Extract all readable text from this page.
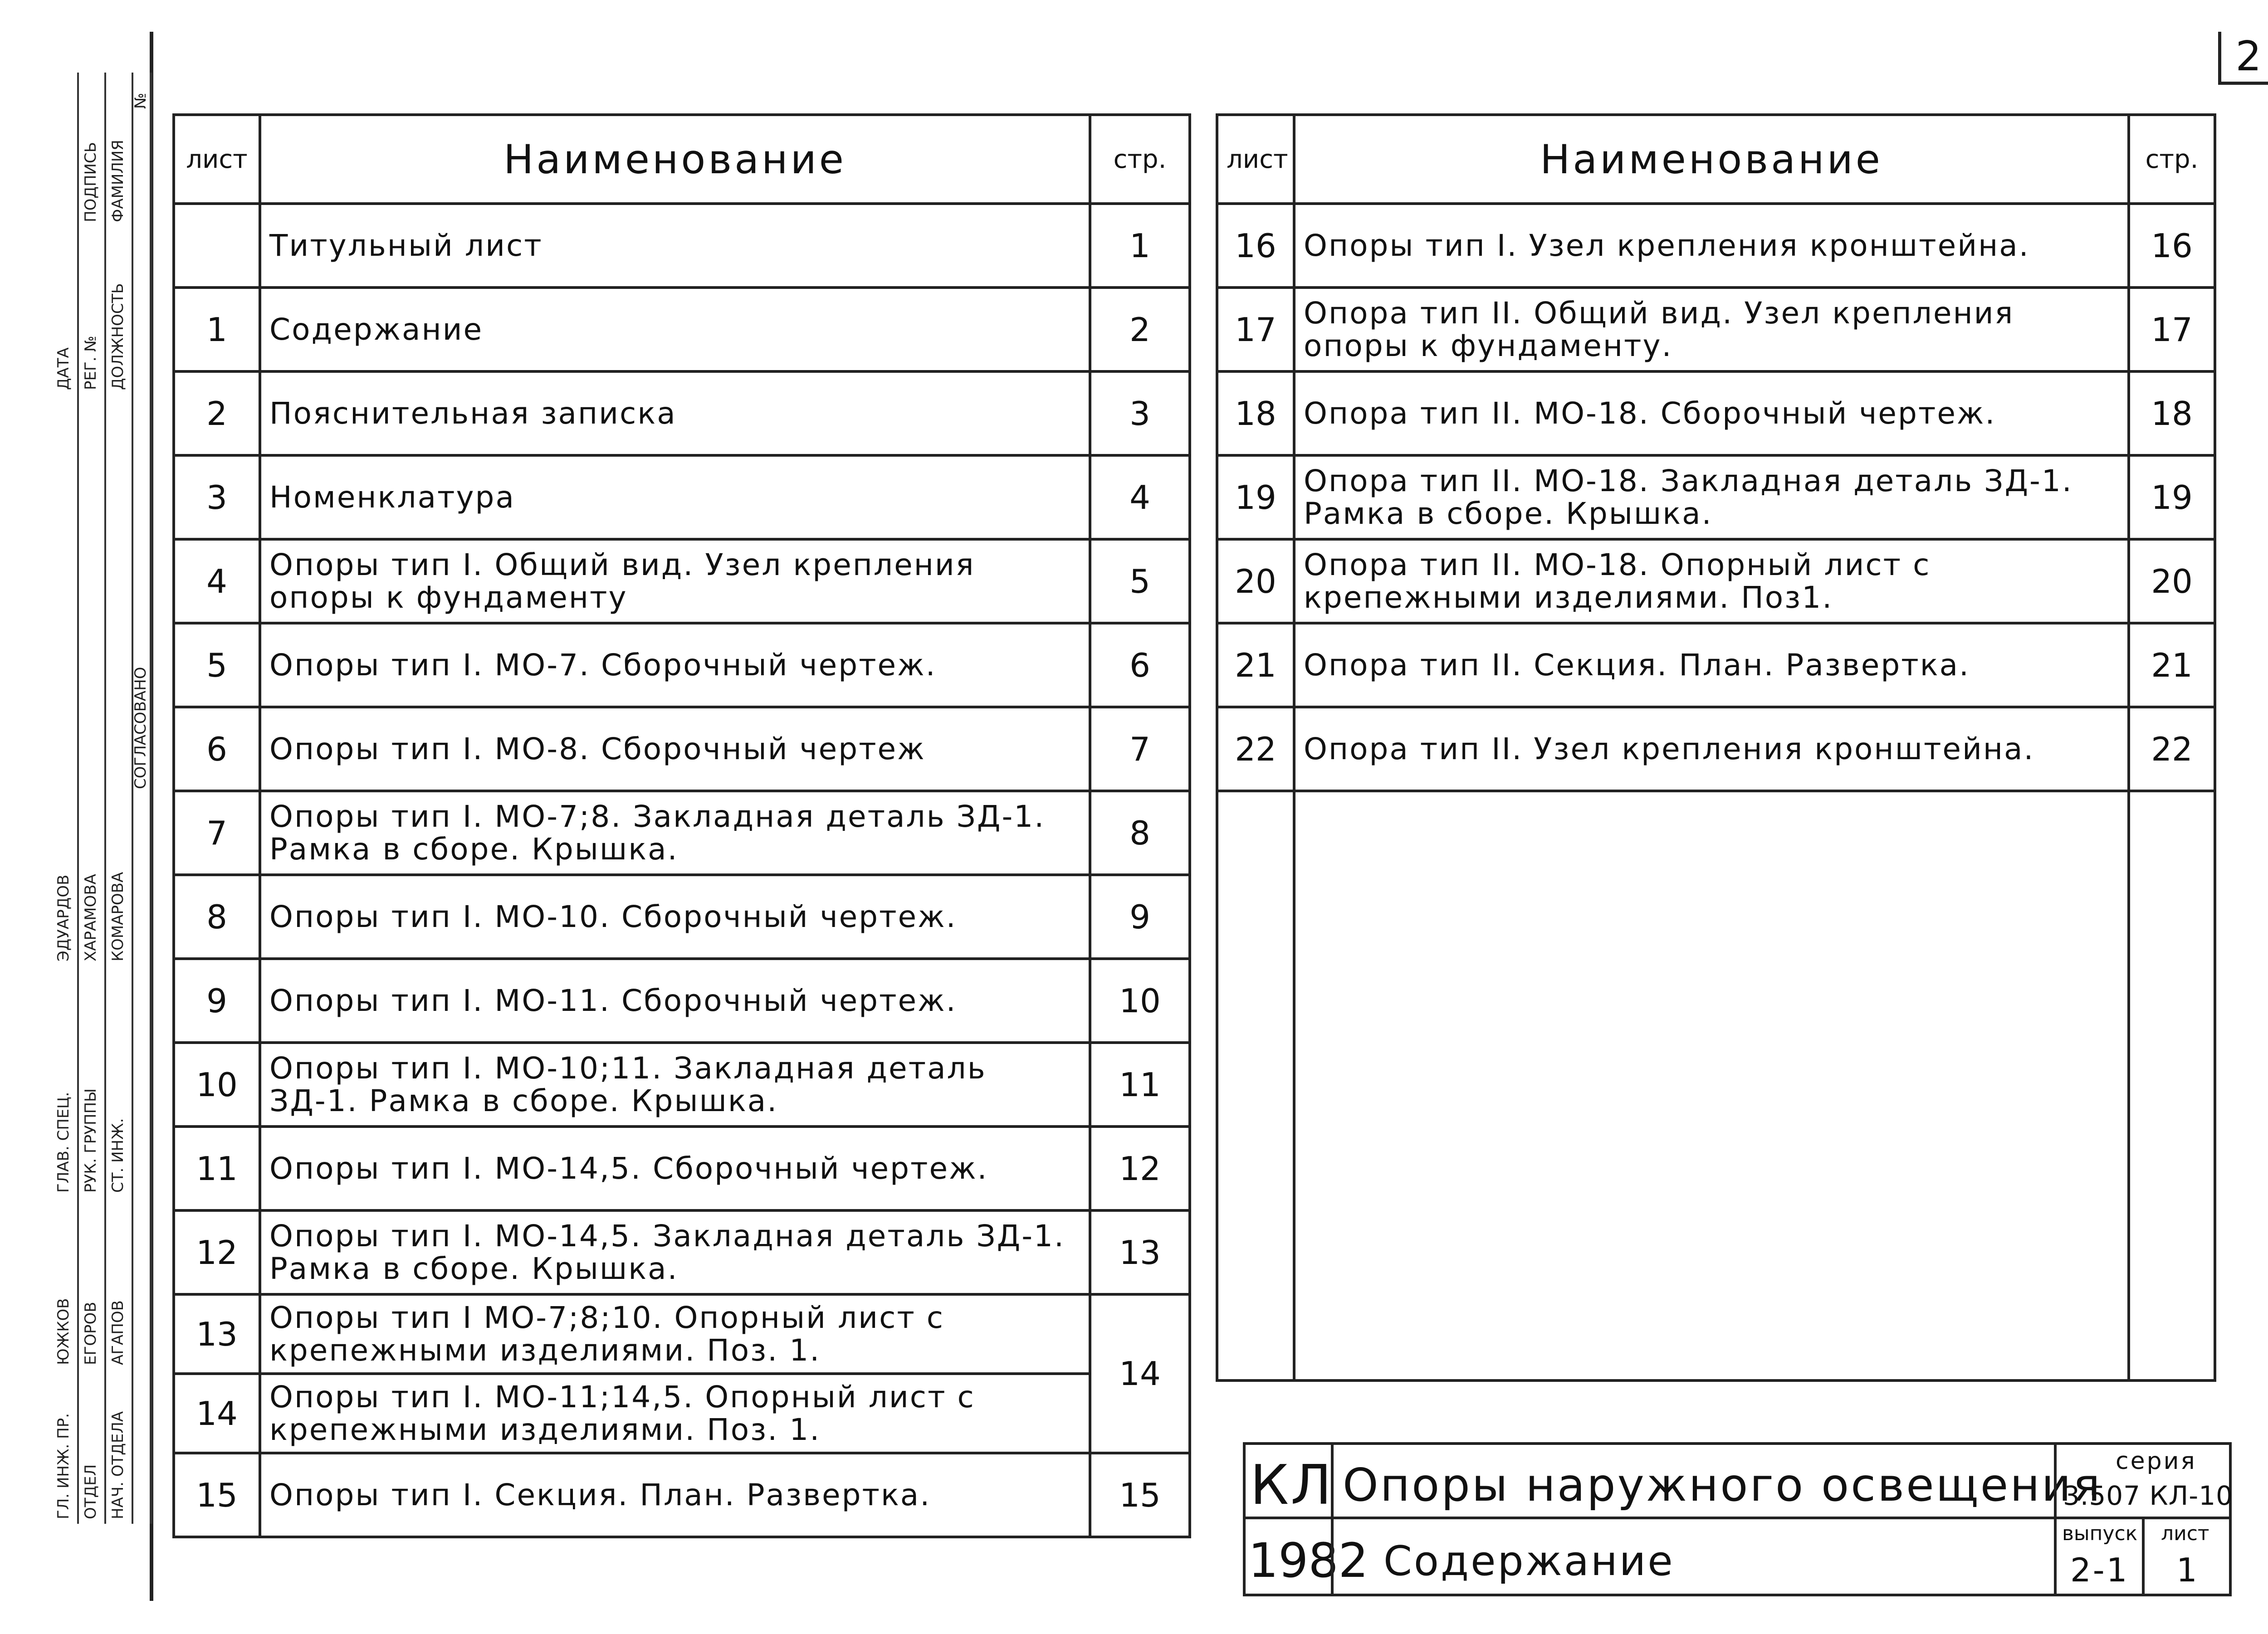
2
ДАТА РЕГ. № ДОЛЖНОСТЬ
ФАМИЛИЯ
ПОДПИСЬ
СОГЛАСОВАНО
ЭДУАРДОВ ХАРАМОВА КОМАРОВА
ГЛАВ. СПЕЦ. РУК. ГРУППЫ СТ. ИНЖ.
ЕГОРОВ АГАПОВ
ЮЖКОВ
ГЛ. ИНЖ. ПР. ОТДЕЛ НАЧ. ОТДЕЛА
№
лист	Наименование	стр.
	Титульный лист	1
1	Содержание	2
2	Пояснительная записка	3
3	Номенклатура	4
4	Опоры тип I. Общий вид. Узел крепления опоры к фундаменту	5
5	Опоры тип I. МО-7. Сборочный чертеж.	6
6	Опоры тип I. МО-8. Сборочный чертеж	7
7	Опоры тип I. МО-7;8. Закладная деталь ЗД-1. Рамка в сборе. Крышка.	8
8	Опоры тип I. МО-10. Сборочный чертеж.	9
9	Опоры тип I. МО-11. Сборочный чертеж.	10
10	Опоры тип I. МО-10;11. Закладная деталь ЗД-1. Рамка в сборе. Крышка.	11
11	Опоры тип I. МО-14,5. Сборочный чертеж.	12
12	Опоры тип I. МО-14,5. Закладная деталь ЗД-1. Рамка в сборе. Крышка.	13
13	Опоры тип I МО-7;8;10. Опорный лист с крепежными изделиями. Поз. 1.	14
14	Опоры тип I. МО-11;14,5. Опорный лист с крепежными изделиями. Поз. 1.	
15	Опоры тип I. Секция. План. Развертка.	15
лист	Наименование	стр.
16	Опоры тип I. Узел крепления кронштейна.	16
17	Опора тип II. Общий вид. Узел крепления опоры к фундаменту.	17
18	Опора тип II. МО-18. Сборочный чертеж.	18
19	Опора тип II. МО-18. Закладная деталь ЗД-1. Рамка в сборе. Крышка.	19
20	Опора тип II. МО-18. Опорный лист с крепежными изделиями. Поз1.	20
21	Опора тип II. Секция. План. Развертка.	21
22	Опора тип II. Узел крепления кронштейна.	22

КЛ
1982
Опоры наружного освещения
Содержание
серия
3.507 КЛ-10
выпуск
2-1
лист
1
